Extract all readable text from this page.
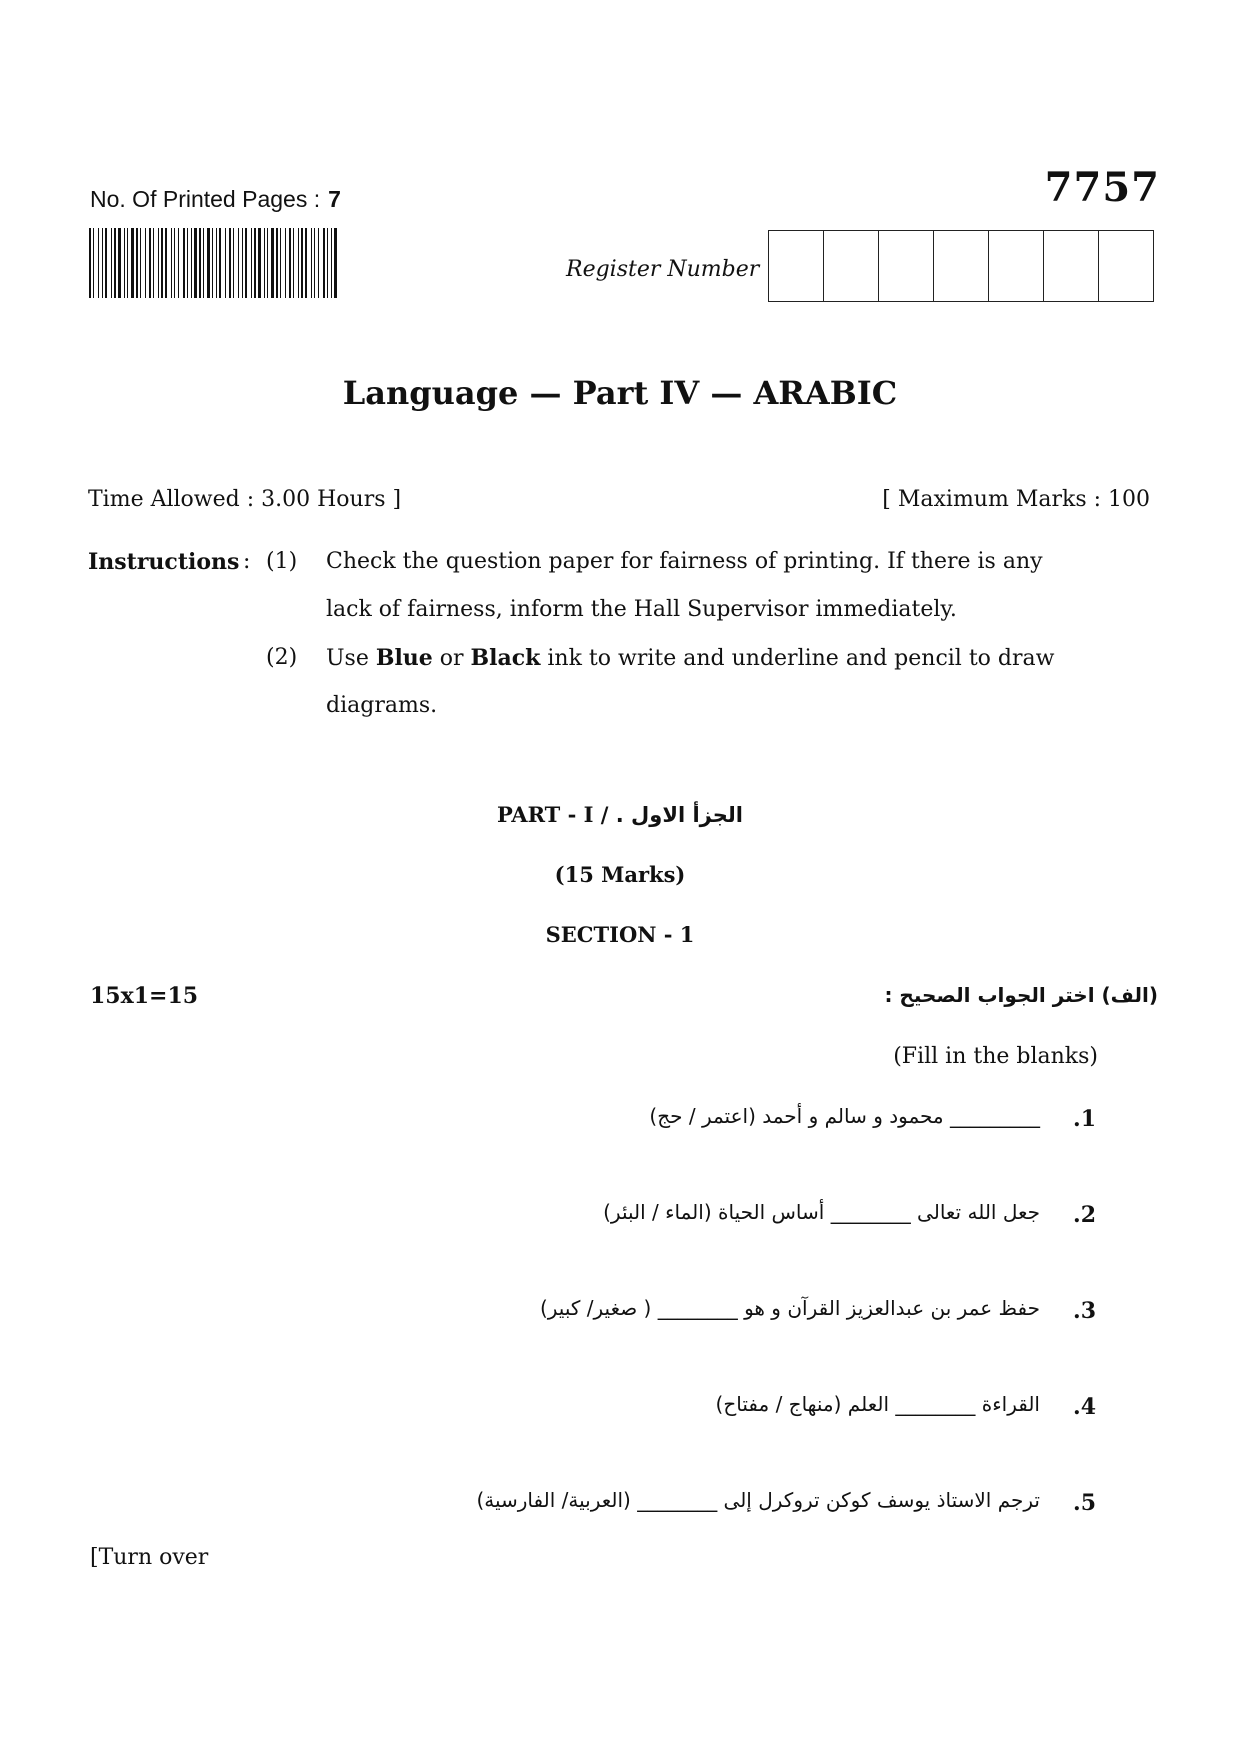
No. Of Printed Pages : 7	7757
Register Number
Language — Part IV — ARABIC
Time Allowed : 3.00 Hours ]	[ Maximum Marks : 100
Instructions : (1) Check the question paper for fairness of printing. If there is any
lack of fairness, inform the Hall Supervisor immediately.
(2) Use Blue or Black ink to write and underline and pencil to draw
diagrams.
PART - I / الجزأ الاول .
(15 Marks)
SECTION - 1
15x1=15	(الف) اختر الجواب الصحيح :
(Fill in the blanks)
.1
_________ محمود و سالم و أحمد (اعتمر / حج)
.2
جعل الله تعالى ________ أساس الحياة (الماء / البئر)
.3
حفظ عمر بن عبدالعزيز القرآن و هو ________ ( صغير/ كبير)
.4
القراءة ________ العلم (منهاج / مفتاح)
.5
ترجم الاستاذ يوسف كوكن تروكرل إلى ________ (العربية/ الفارسية)
[Turn over
